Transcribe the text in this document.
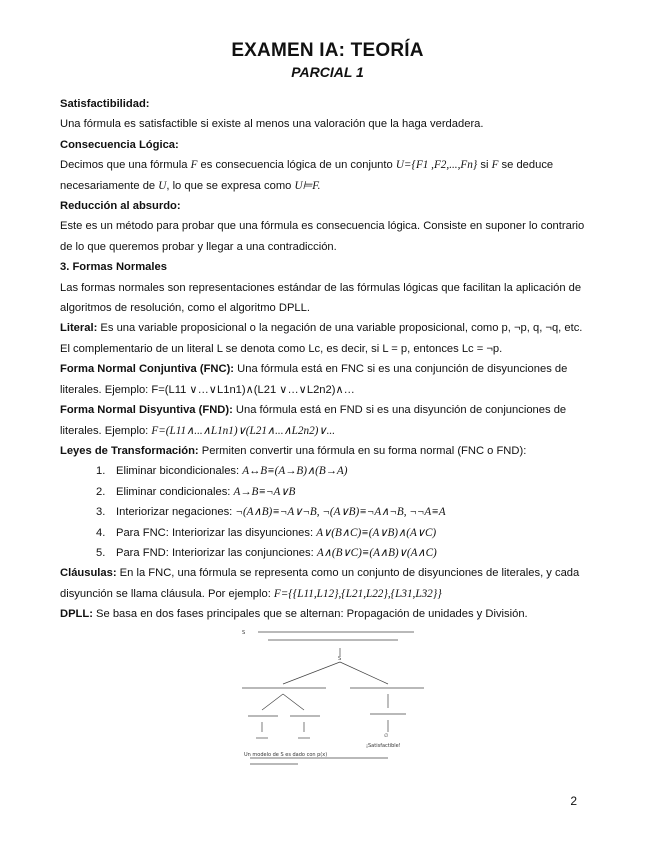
EXAMEN IA: TEORÍA
PARCIAL 1

Satisfactibilidad:

Una fórmula es satisfactible si existe al menos una valoración que la haga verdadera.

Consecuencia Lógica:

Decimos que una fórmula F es consecuencia lógica de un conjunto U={F1 ,F2,...,Fn} si F se deduce necesariamente de U, lo que se expresa como U⊨F.

Reducción al absurdo:

Este es un método para probar que una fórmula es consecuencia lógica. Consiste en suponer lo contrario de lo que queremos probar y llegar a una contradicción.

3. Formas Normales

Las formas normales son representaciones estándar de las fórmulas lógicas que facilitan la aplicación de algoritmos de resolución, como el algoritmo DPLL.

Literal: Es una variable proposicional o la negación de una variable proposicional, como p, ¬p, q, ¬q, etc. El complementario de un literal L se denota como Lc, es decir, si L = p, entonces Lc = ¬p.

Forma Normal Conjuntiva (FNC): Una fórmula está en FNC si es una conjunción de disyunciones de literales. Ejemplo: F=(L11 ∨…∨L1n1)∧(L21 ∨…∨L2n2)∧…

Forma Normal Disyuntiva (FND): Una fórmula está en FND si es una disyunción de conjunciones de literales. Ejemplo: F=(L11∧...∧L1n1)∨(L21∧...∧L2n2)∨...

Leyes de Transformación: Permiten convertir una fórmula en su forma normal (FNC o FND):

1. Eliminar bicondicionales: A↔B≡(A→B)∧(B→A)
2. Eliminar condicionales: A→B≡¬A∨B
3. Interiorizar negaciones: ¬(A∧B)≡¬A∨¬B, ¬(A∨B)≡¬A∧¬B, ¬¬A≡A
4. Para FNC: Interiorizar las disyunciones: A∨(B∧C)≡(A∨B)∧(A∨C)
5. Para FND: Interiorizar las conjunciones: A∧(B∨C)≡(A∧B)∨(A∧C)

Cláusulas: En la FNC, una fórmula se representa como un conjunto de disyunciones de literales, y cada disyunción se llama cláusula. Por ejemplo: F={{L11,L12},{L21,L22},{L31,L32}}

DPLL: Se basa en dos fases principales que se alternan: Propagación de unidades y División.

S
S
∅
¡Satisfactible!
Un modelo de S es dado con p(x)
2
